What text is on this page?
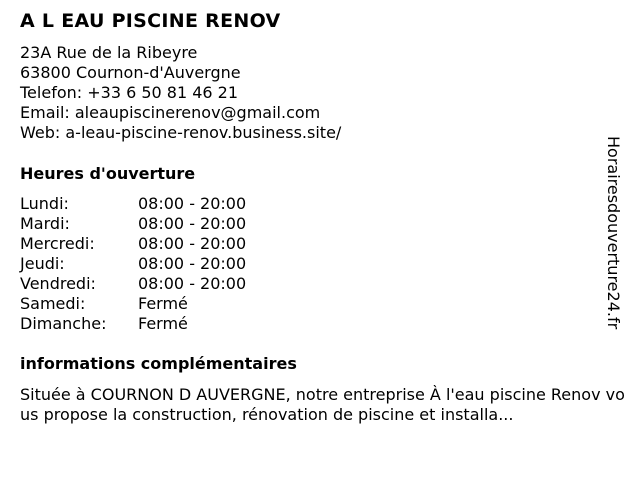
A L EAU PISCINE RENOV
23A Rue de la Ribeyre
63800 Cournon-d'Auvergne
Telefon: +33 6 50 81 46 21
Email: aleaupiscinerenov@gmail.com
Web: a-leau-piscine-renov.business.site/
Heures d'ouverture
Lundi:	08:00 - 20:00
Mardi:	08:00 - 20:00
Mercredi:	08:00 - 20:00
Jeudi:	08:00 - 20:00
Vendredi:	08:00 - 20:00
Samedi:	Fermé
Dimanche:	Fermé
informations complémentaires
Située à COURNON D AUVERGNE, notre entreprise À l'eau piscine Renov vous propose la construction, rénovation de piscine et installa...
Horairesdouverture24.fr
